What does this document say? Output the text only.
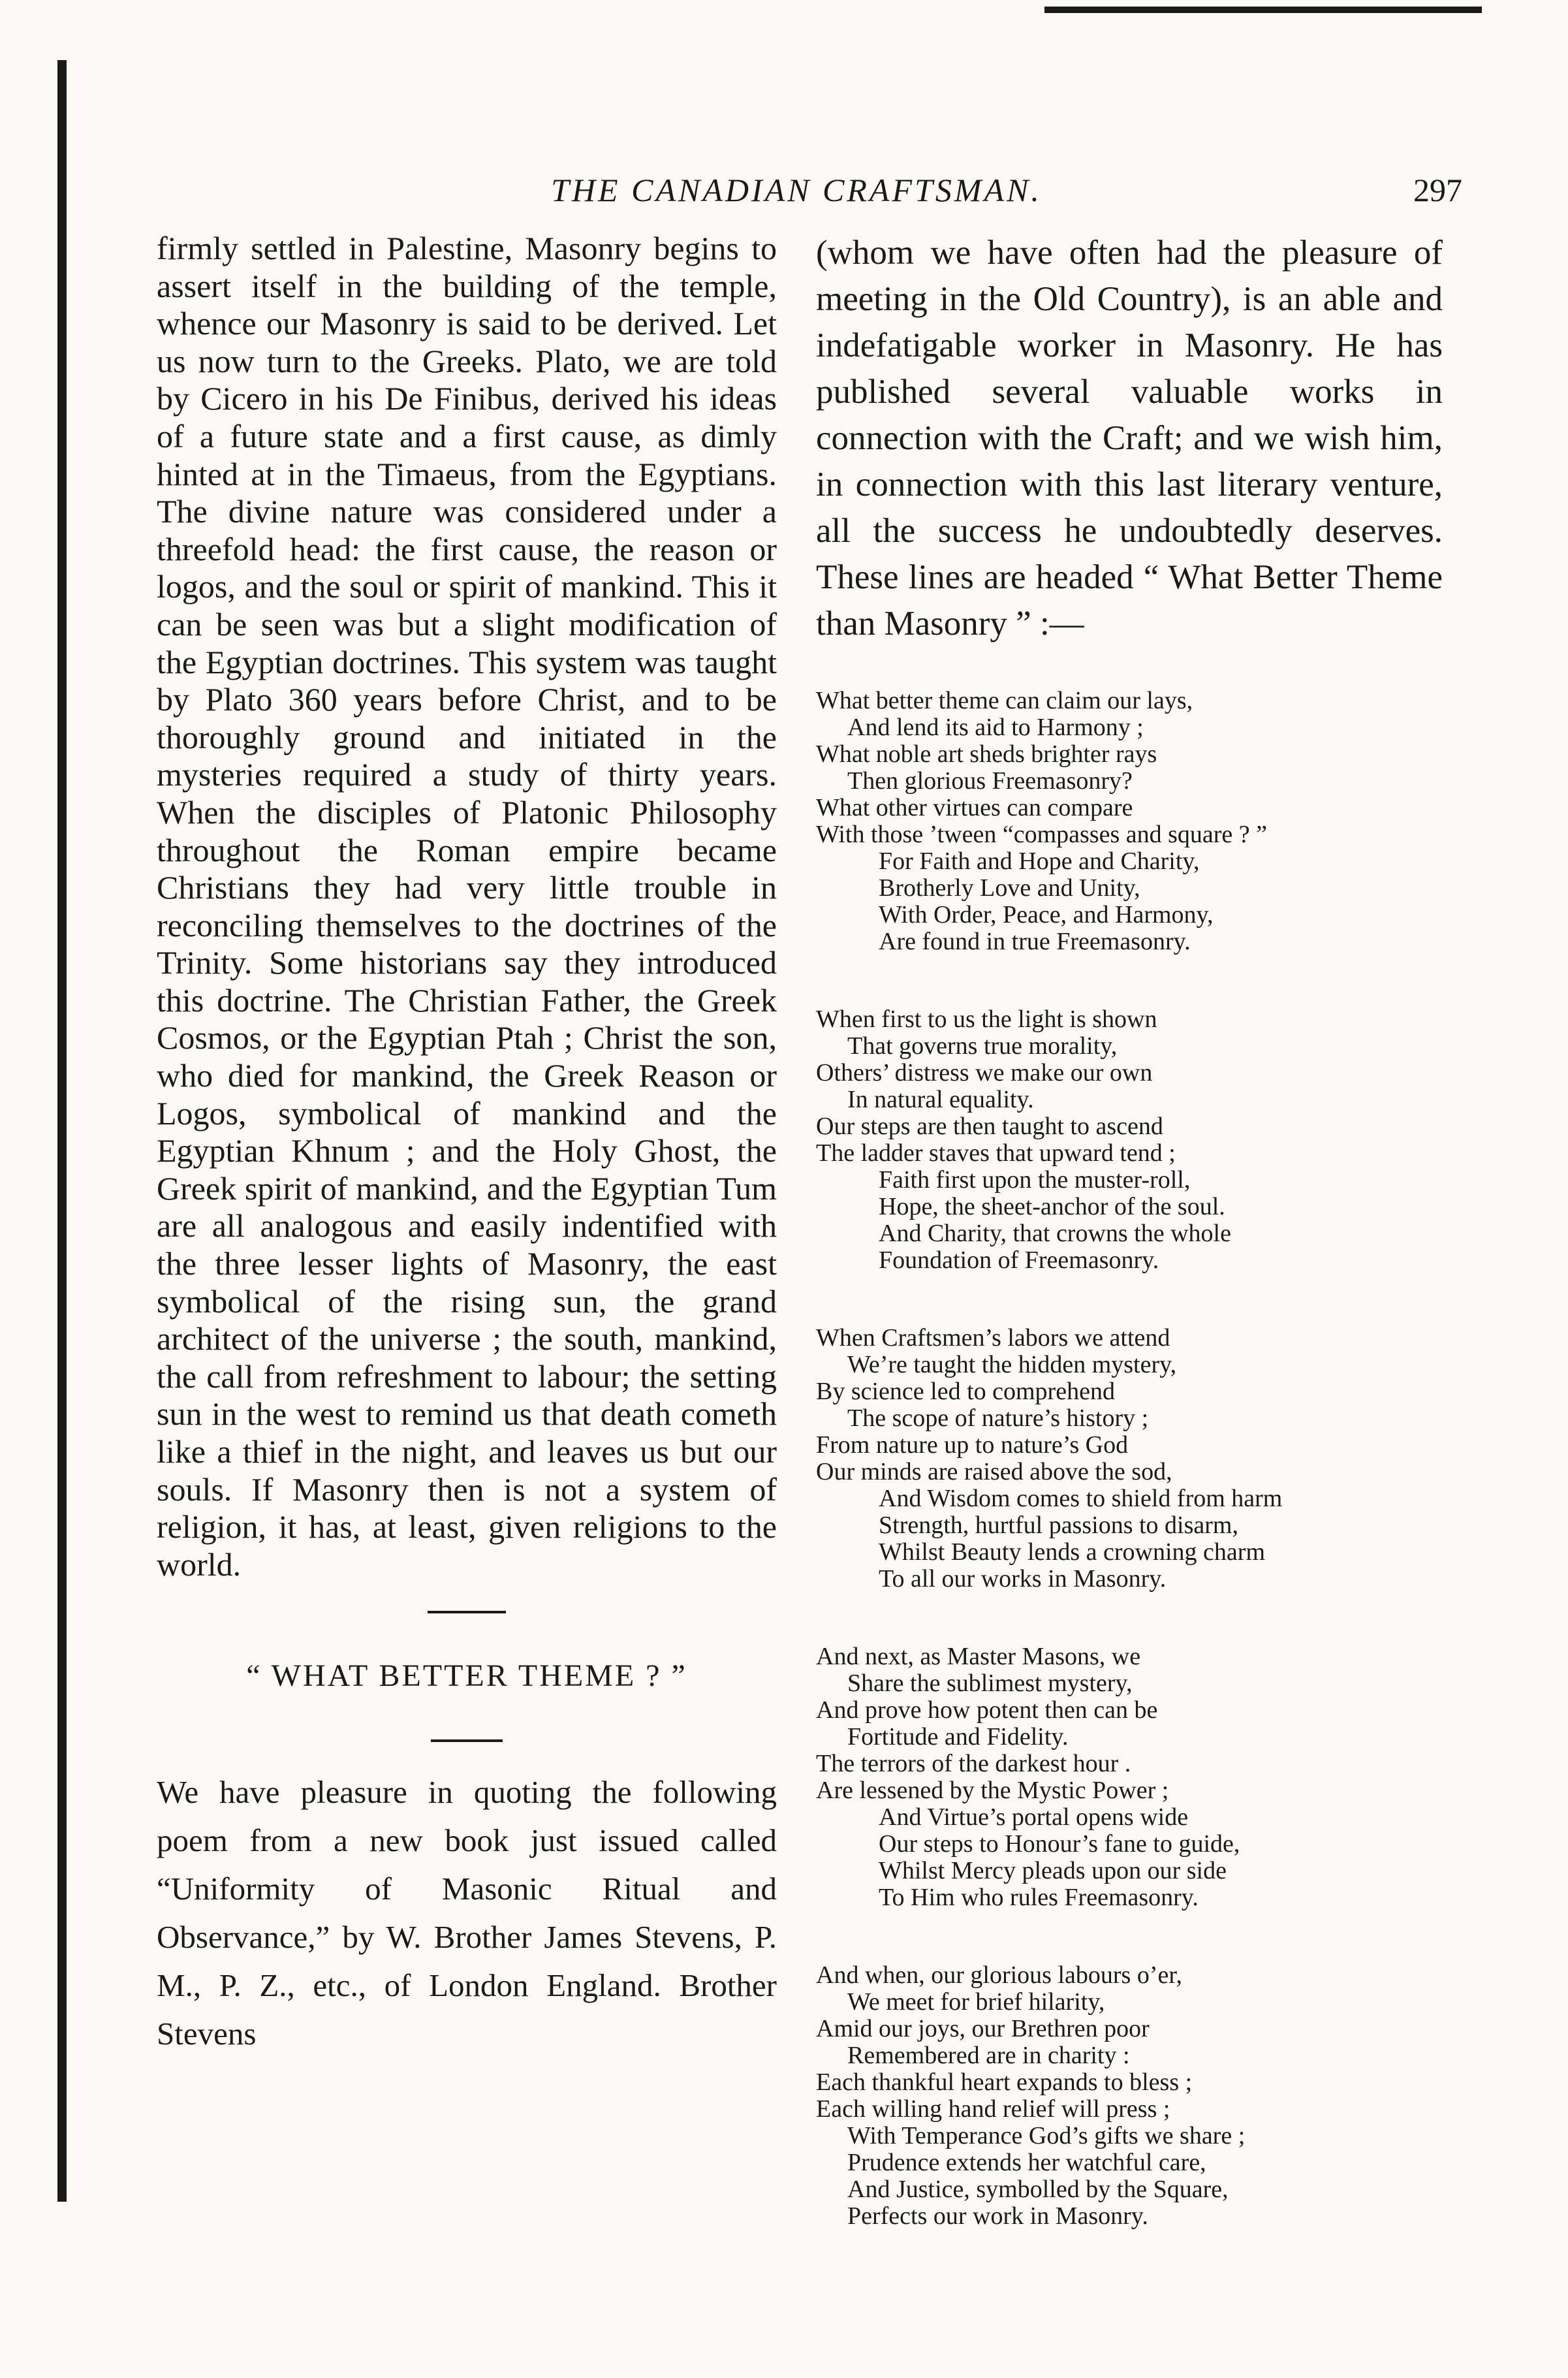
THE CANADIAN CRAFTSMAN.	297

firmly settled in Palestine, Masonry begins to assert itself in the building of the temple, whence our Masonry is said to be derived. Let us now turn to the Greeks. Plato, we are told by Cicero in his De Finibus, derived his ideas of a future state and a first cause, as dimly hinted at in the Timaeus, from the Egyptians. The divine nature was considered under a threefold head: the first cause, the reason or logos, and the soul or spirit of mankind. This it can be seen was but a slight modification of the Egyptian doctrines. This system was taught by Plato 360 years before Christ, and to be thoroughly ground and initiated in the mysteries required a study of thirty years. When the disciples of Platonic Philosophy throughout the Roman empire became Christians they had very little trouble in reconciling themselves to the doctrines of the Trinity. Some historians say they introduced this doctrine. The Christian Father, the Greek Cosmos, or the Egyptian Ptah ; Christ the son, who died for mankind, the Greek Reason or Logos, symbolical of mankind and the Egyptian Khnum ; and the Holy Ghost, the Greek spirit of mankind, and the Egyptian Tum are all analogous and easily indentified with the three lesser lights of Masonry, the east symbolical of the rising sun, the grand architect of the universe ; the south, mankind, the call from refreshment to labour; the setting sun in the west to remind us that death cometh like a thief in the night, and leaves us but our souls. If Masonry then is not a system of religion, it has, at least, given religions to the world.

“ WHAT BETTER THEME ? ”

We have pleasure in quoting the following poem from a new book just issued called “Uniformity of Masonic Ritual and Observance,” by W. Brother James Stevens, P. M., P. Z., etc., of London England. Brother Stevens

(whom we have often had the pleasure of meeting in the Old Country), is an able and indefatigable worker in Masonry. He has published several valuable works in connection with the Craft; and we wish him, in connection with this last literary venture, all the success he undoubtedly deserves. These lines are headed “ What Better Theme than Masonry ” :—

What better theme can claim our lays,
And lend its aid to Harmony ;
What noble art sheds brighter rays
Then glorious Freemasonry?
What other virtues can compare
With those ’tween “compasses and square ? ”
For Faith and Hope and Charity,
Brotherly Love and Unity,
With Order, Peace, and Harmony,
Are found in true Freemasonry.
When first to us the light is shown
That governs true morality,
Others’ distress we make our own
In natural equality.
Our steps are then taught to ascend
The ladder staves that upward tend ;
Faith first upon the muster-roll,
Hope, the sheet-anchor of the soul.
And Charity, that crowns the whole
Foundation of Freemasonry.
When Craftsmen’s labors we attend
We’re taught the hidden mystery,
By science led to comprehend
The scope of nature’s history ;
From nature up to nature’s God
Our minds are raised above the sod,
And Wisdom comes to shield from harm
Strength, hurtful passions to disarm,
Whilst Beauty lends a crowning charm
To all our works in Masonry.
And next, as Master Masons, we
Share the sublimest mystery,
And prove how potent then can be
Fortitude and Fidelity.
The terrors of the darkest hour .
Are lessened by the Mystic Power ;
And Virtue’s portal opens wide
Our steps to Honour’s fane to guide,
Whilst Mercy pleads upon our side
To Him who rules Freemasonry.
And when, our glorious labours o’er,
We meet for brief hilarity,
Amid our joys, our Brethren poor
Remembered are in charity :
Each thankful heart expands to bless ;
Each willing hand relief will press ;
With Temperance God’s gifts we share ;
Prudence extends her watchful care,
And Justice, symbolled by the Square,
Perfects our work in Masonry.
